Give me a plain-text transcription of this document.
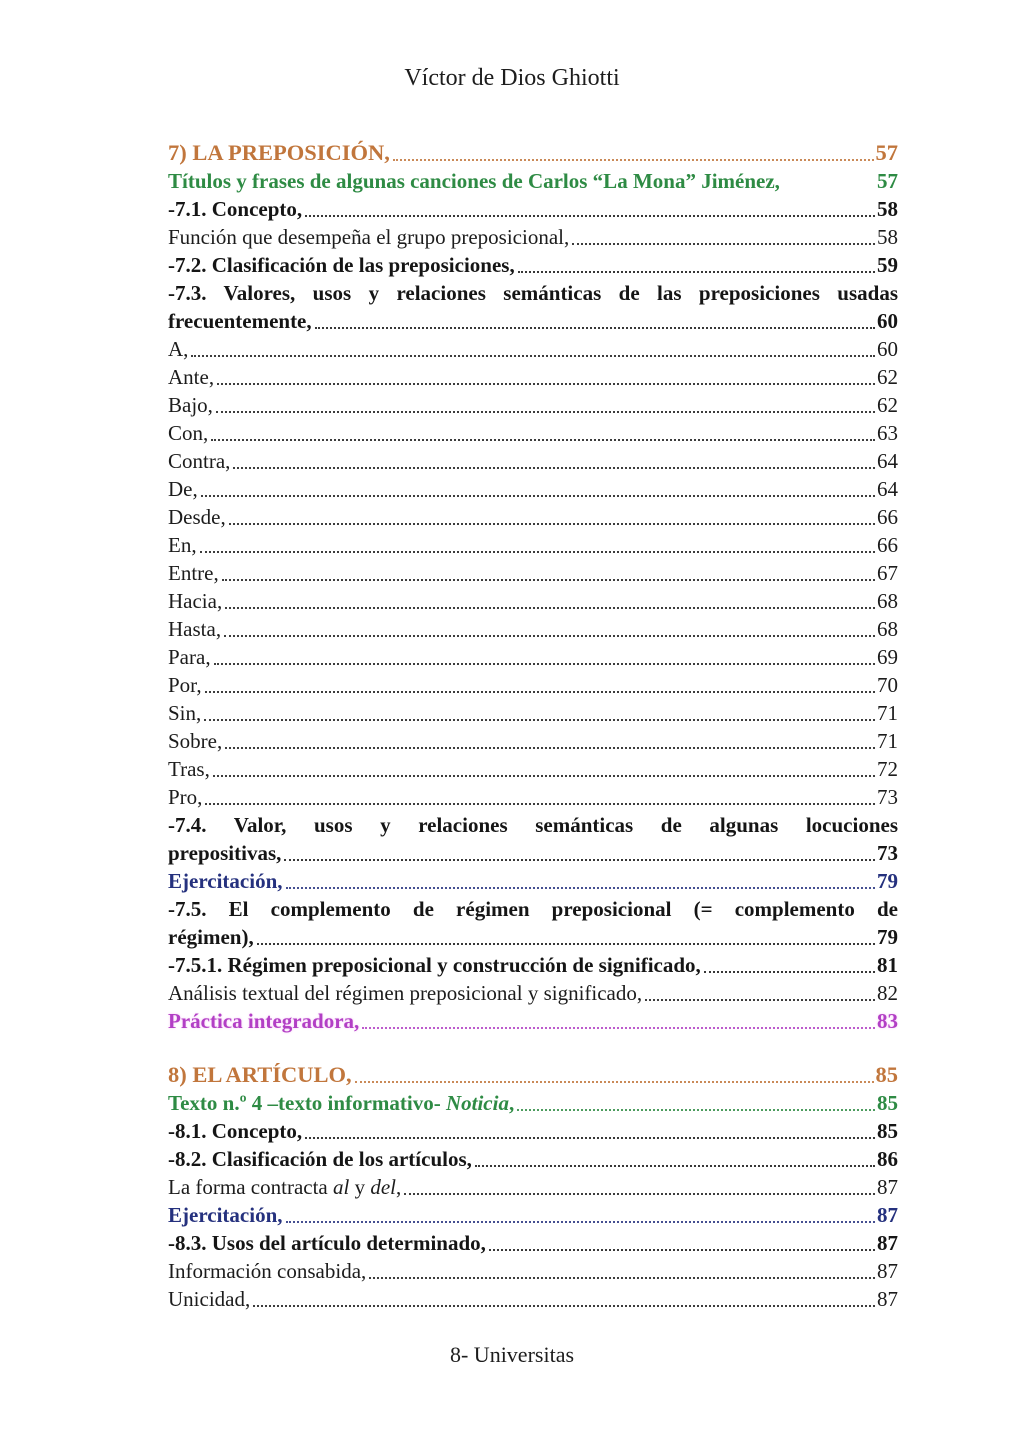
Víctor de Dios Ghiotti
7) LA PREPOSICIÓN,	57
Títulos y frases de algunas canciones de Carlos “La Mona” Jiménez,	57
-7.1. Concepto,	58
Función que desempeña el grupo preposicional,	58
-7.2. Clasificación de las preposiciones,	59
-7.3. Valores, usos y relaciones semánticas de las preposiciones usadas
frecuentemente,	60
A,	60
Ante,	62
Bajo,	62
Con,	63
Contra,	64
De,	64
Desde,	66
En,	66
Entre,	67
Hacia,	68
Hasta,	68
Para,	69
Por,	70
Sin,	71
Sobre,	71
Tras,	72
Pro,	73
-7.4. Valor, usos y relaciones semánticas de algunas locuciones
prepositivas,	73
Ejercitación,	79
-7.5. El complemento de régimen preposicional (= complemento de
régimen),	79
-7.5.1. Régimen preposicional y construcción de significado,	81
Análisis textual del régimen preposicional y significado,	82
Práctica integradora,	83
8) EL ARTÍCULO,	85
Texto n.º 4 –texto informativo- Noticia,	85
-8.1. Concepto,	85
-8.2. Clasificación de los artículos,	86
La forma contracta al y del,	87
Ejercitación,	87
-8.3. Usos del artículo determinado,	87
Información consabida,	87
Unicidad,	87
8- Universitas
